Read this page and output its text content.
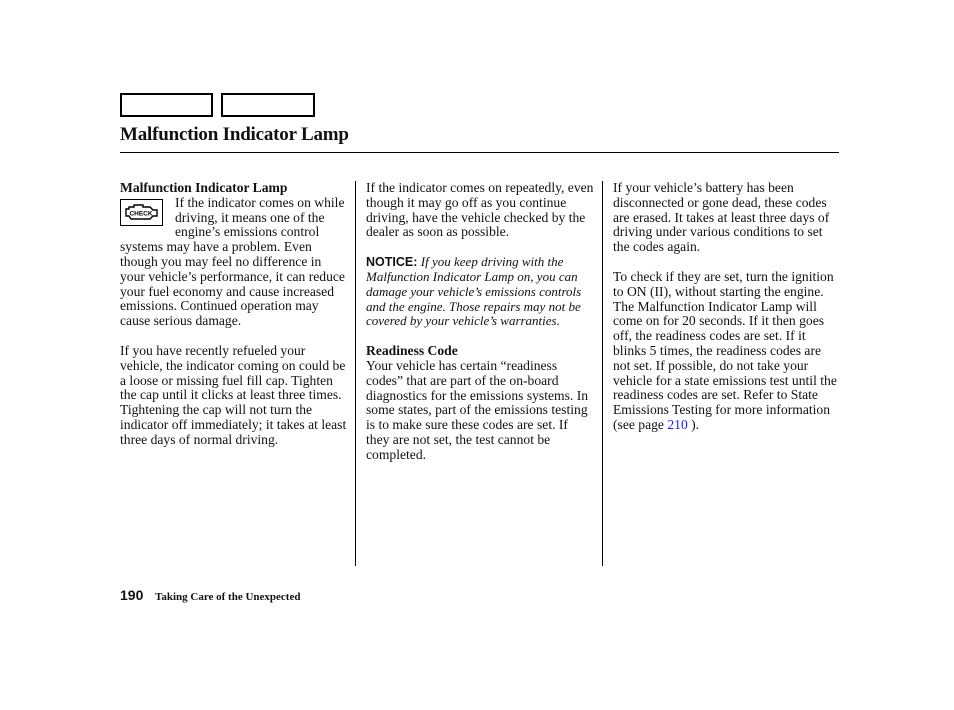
Malfunction Indicator Lamp
Malfunction Indicator Lamp
CHECK

If the indicator comes on while driving, it means one of the engine’s emissions control systems may have a problem. Even though you may feel no difference in your vehicle’s performance, it can reduce your fuel economy and cause increased emissions. Continued operation may cause serious damage.

If you have recently refueled your vehicle, the indicator coming on could be a loose or missing fuel fill cap. Tighten the cap until it clicks at least three times. Tightening the cap will not turn the indicator off immediately; it takes at least three days of normal driving.

If the indicator comes on repeatedly, even though it may go off as you continue driving, have the vehicle checked by the dealer as soon as possible.

NOTICE: If you keep driving with the Malfunction Indicator Lamp on, you can damage your vehicle’s emissions controls and the engine. Those repairs may not be covered by your vehicle’s warranties.

Readiness Code

Your vehicle has certain “readiness codes” that are part of the on-board diagnostics for the emissions systems. In some states, part of the emissions testing is to make sure these codes are set. If they are not set, the test cannot be completed.

If your vehicle’s battery has been disconnected or gone dead, these codes are erased. It takes at least three days of driving under various conditions to set the codes again.

To check if they are set, turn the ignition to ON (II), without starting the engine. The Malfunction Indicator Lamp will come on for 20 seconds. If it then goes off, the readiness codes are set. If it blinks 5 times, the readiness codes are not set. If possible, do not take your vehicle for a state emissions test until the readiness codes are set. Refer to State Emissions Testing for more information (see page 210 ).

190 Taking Care of the Unexpected
